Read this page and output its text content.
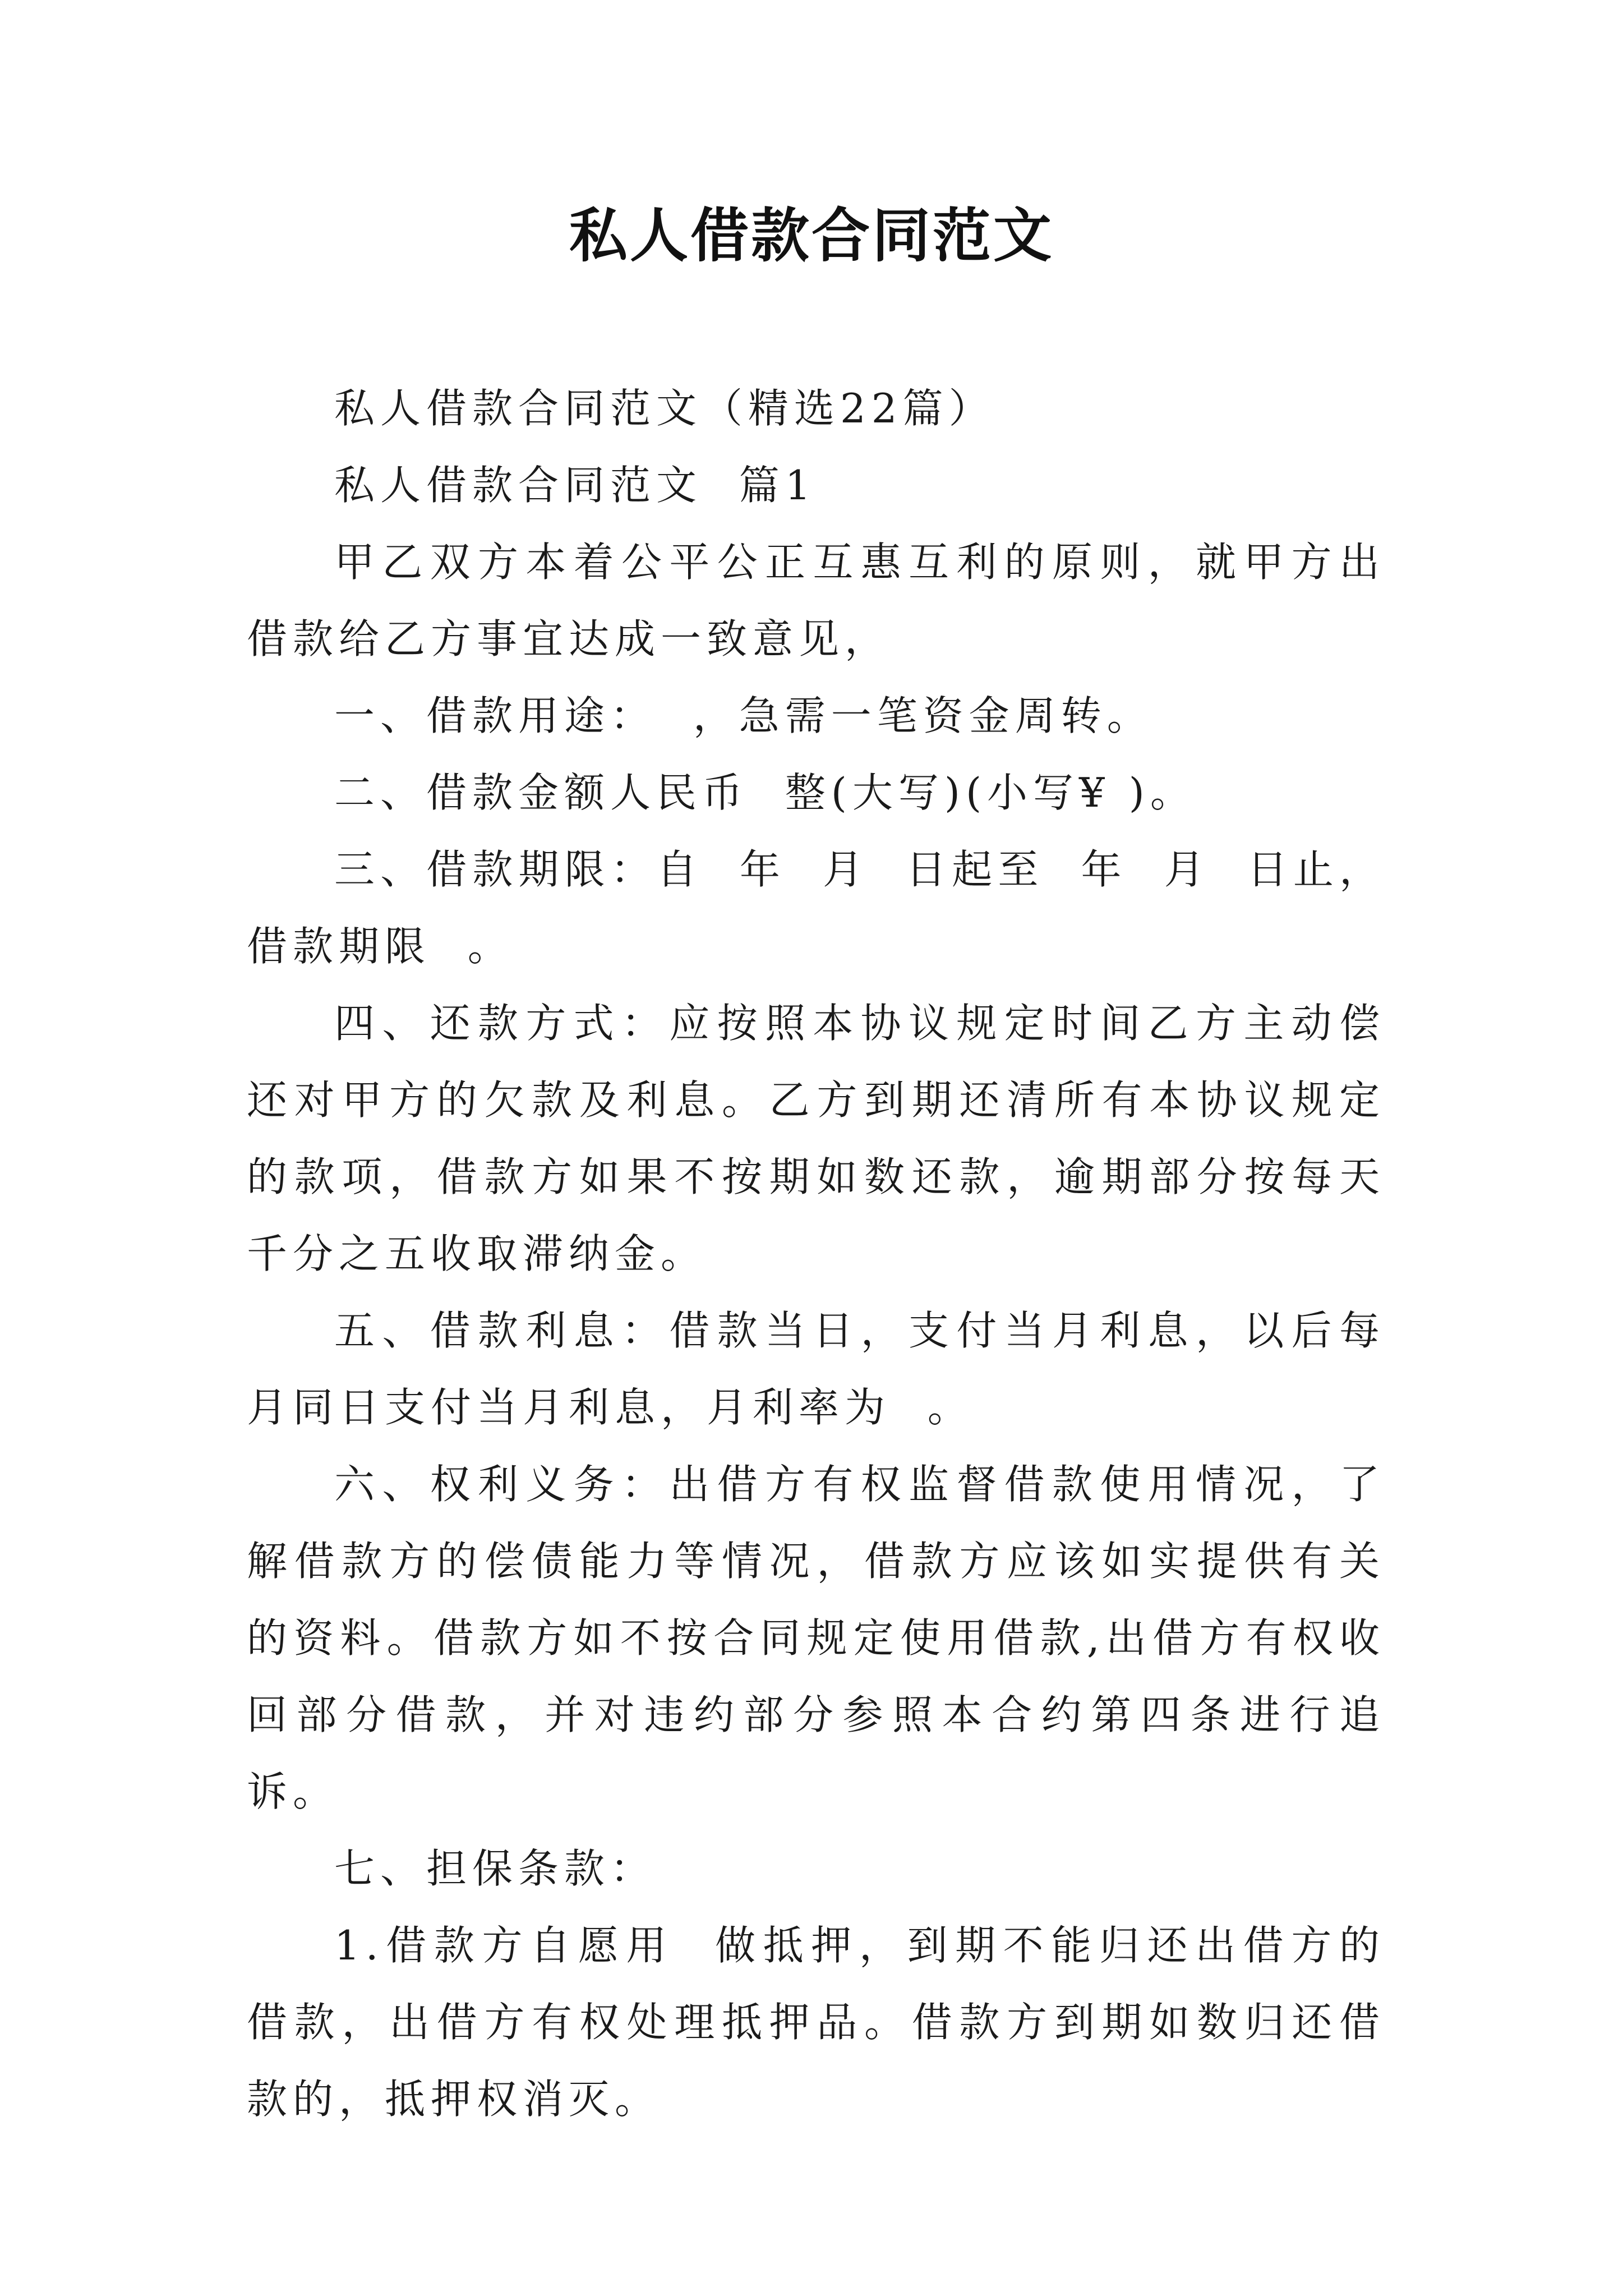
私人借款合同范文

私人借款合同范文（精选22篇）

私人借款合同范文  篇1

甲乙双方本着公平公正互惠互利的原则，就甲方出借款给乙方事宜达成一致意见，

一、借款用途：  ，急需一笔资金周转。

二、借款金额人民币  整(大写)(小写¥ )。

三、借款期限：自  年  月  日起至  年  月  日止，借款期限  。

四、还款方式：应按照本协议规定时间乙方主动偿还对甲方的欠款及利息。乙方到期还清所有本协议规定的款项，借款方如果不按期如数还款，逾期部分按每天千分之五收取滞纳金。

五、借款利息：借款当日，支付当月利息，以后每月同日支付当月利息，月利率为  。

六、权利义务：出借方有权监督借款使用情况，了解借款方的偿债能力等情况，借款方应该如实提供有关的资料。借款方如不按合同规定使用借款,出借方有权收回部分借款，并对违约部分参照本合约第四条进行追诉。

七、担保条款：

1.借款方自愿用  做抵押，到期不能归还出借方的借款，出借方有权处理抵押品。借款方到期如数归还借款的，抵押权消灭。
